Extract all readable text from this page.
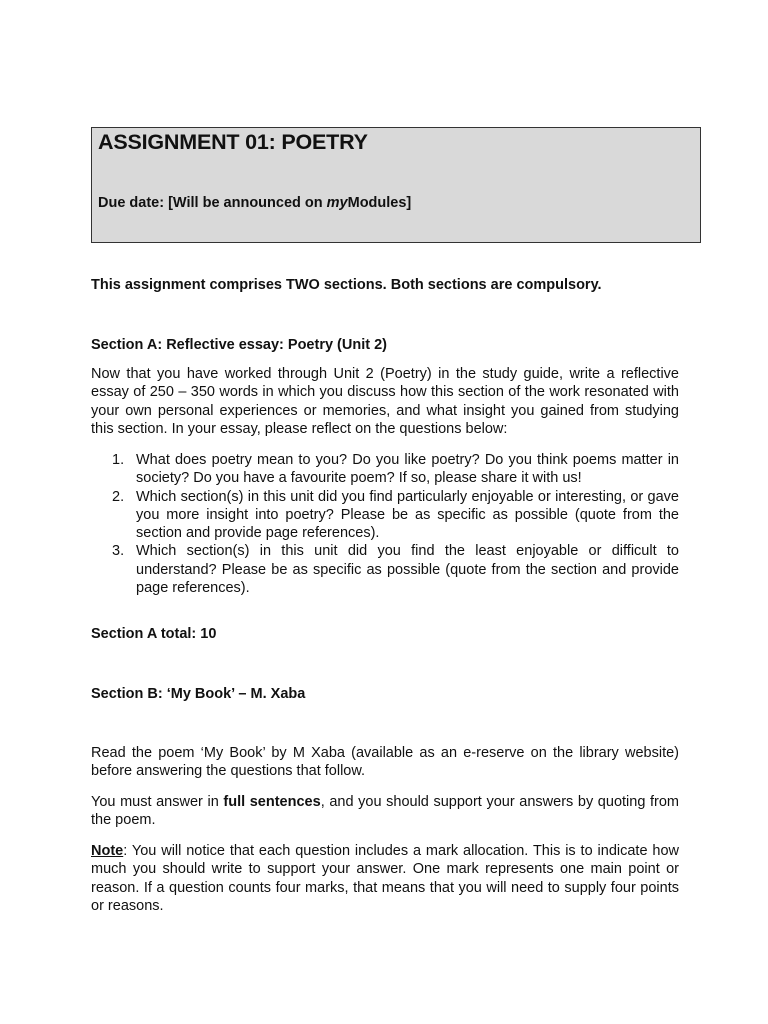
ASSIGNMENT 01: POETRY
Due date: [Will be announced on myModules]

This assignment comprises TWO sections. Both sections are compulsory.

Section A: Reflective essay: Poetry (Unit 2)

Now that you have worked through Unit 2 (Poetry) in the study guide, write a reflective essay of 250 – 350 words in which you discuss how this section of the work resonated with your own personal experiences or memories, and what insight you gained from studying this section. In your essay, please reflect on the questions below:

1. What does poetry mean to you? Do you like poetry? Do you think poems matter in society? Do you have a favourite poem? If so, please share it with us!
2. Which section(s) in this unit did you find particularly enjoyable or interesting, or gave you more insight into poetry? Please be as specific as possible (quote from the section and provide page references).
3. Which section(s) in this unit did you find the least enjoyable or difficult to understand? Please be as specific as possible (quote from the section and provide page references).

Section A total: 10

Section B: ‘My Book’ – M. Xaba

Read the poem ‘My Book’ by M Xaba (available as an e-reserve on the library website) before answering the questions that follow.

You must answer in full sentences, and you should support your answers by quoting from the poem.

Note: You will notice that each question includes a mark allocation. This is to indicate how much you should write to support your answer. One mark represents one main point or reason. If a question counts four marks, that means that you will need to supply four points or reasons.
